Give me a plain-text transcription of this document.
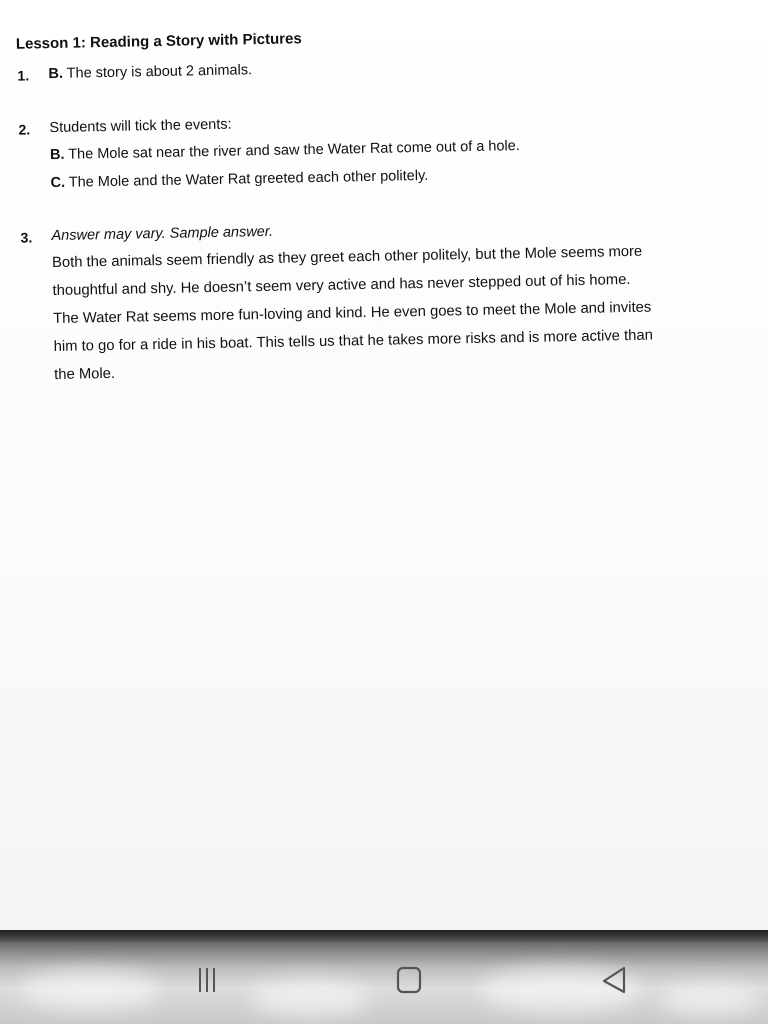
Lesson 1: Reading a Story with Pictures
1. B. The story is about 2 animals.
2. Students will tick the events:
B. The Mole sat near the river and saw the Water Rat come out of a hole.
C. The Mole and the Water Rat greeted each other politely.
3. Answer may vary. Sample answer.
Both the animals seem friendly as they greet each other politely, but the Mole seems more
thoughtful and shy. He doesn’t seem very active and has never stepped out of his home.
The Water Rat seems more fun-loving and kind. He even goes to meet the Mole and invites
him to go for a ride in his boat. This tells us that he takes more risks and is more active than
the Mole.
